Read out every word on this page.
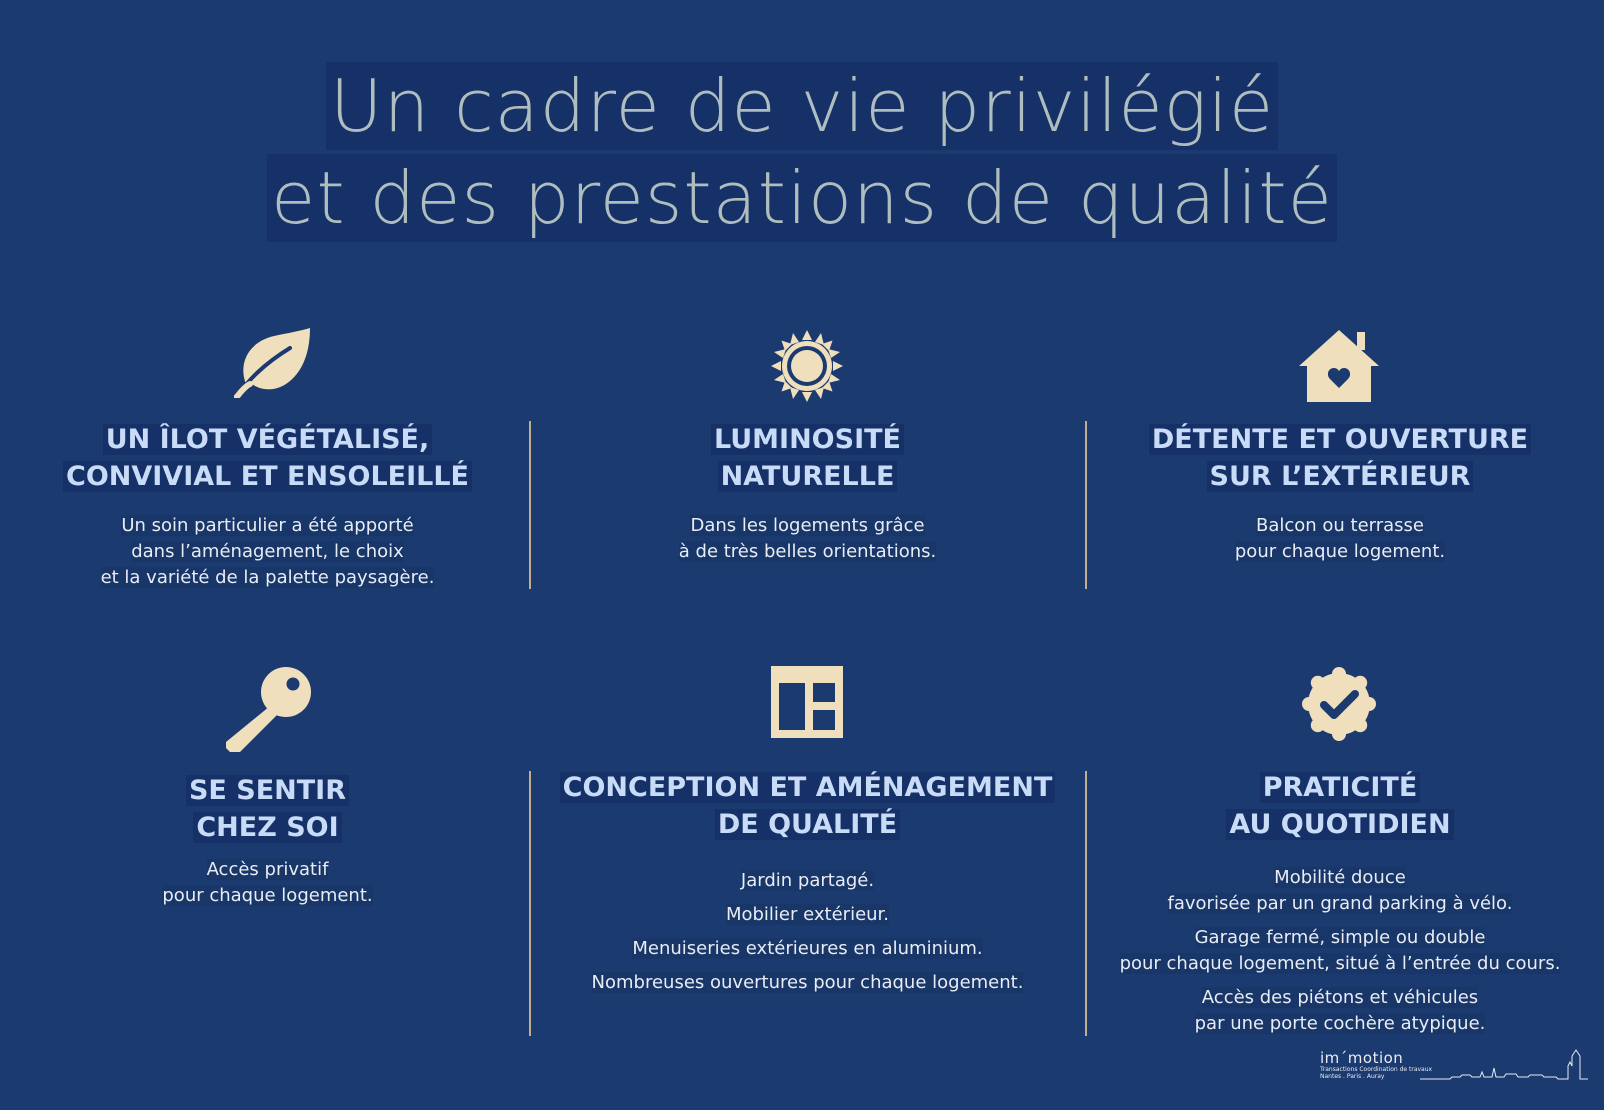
Un cadre de vie privilégié
et des prestations de qualité
UN ÎLOT VÉGÉTALISÉ,
CONVIVIAL ET ENSOLEILLÉ
Un soin particulier a été apporté
dans l’aménagement, le choix
et la variété de la palette paysagère.
LUMINOSITÉ
NATURELLE
Dans les logements grâce
à de très belles orientations.
DÉTENTE ET OUVERTURE
SUR L’EXTÉRIEUR
Balcon ou terrasse
pour chaque logement.
SE SENTIR
CHEZ SOI
Accès privatif
pour chaque logement.
CONCEPTION ET AMÉNAGEMENT
DE QUALITÉ
Jardin partagé.
Mobilier extérieur.
Menuiseries extérieures en aluminium.
Nombreuses ouvertures pour chaque logement.
PRATICITÉ
AU QUOTIDIEN

Mobilité douce
favorisée par un grand parking à vélo.

Garage fermé, simple ou double
pour chaque logement, situé à l’entrée du cours.

Accès des piétons et véhicules
par une porte cochère atypique.

im´motion
Transactions Coordination de travaux
Nantes . Paris . Auray
